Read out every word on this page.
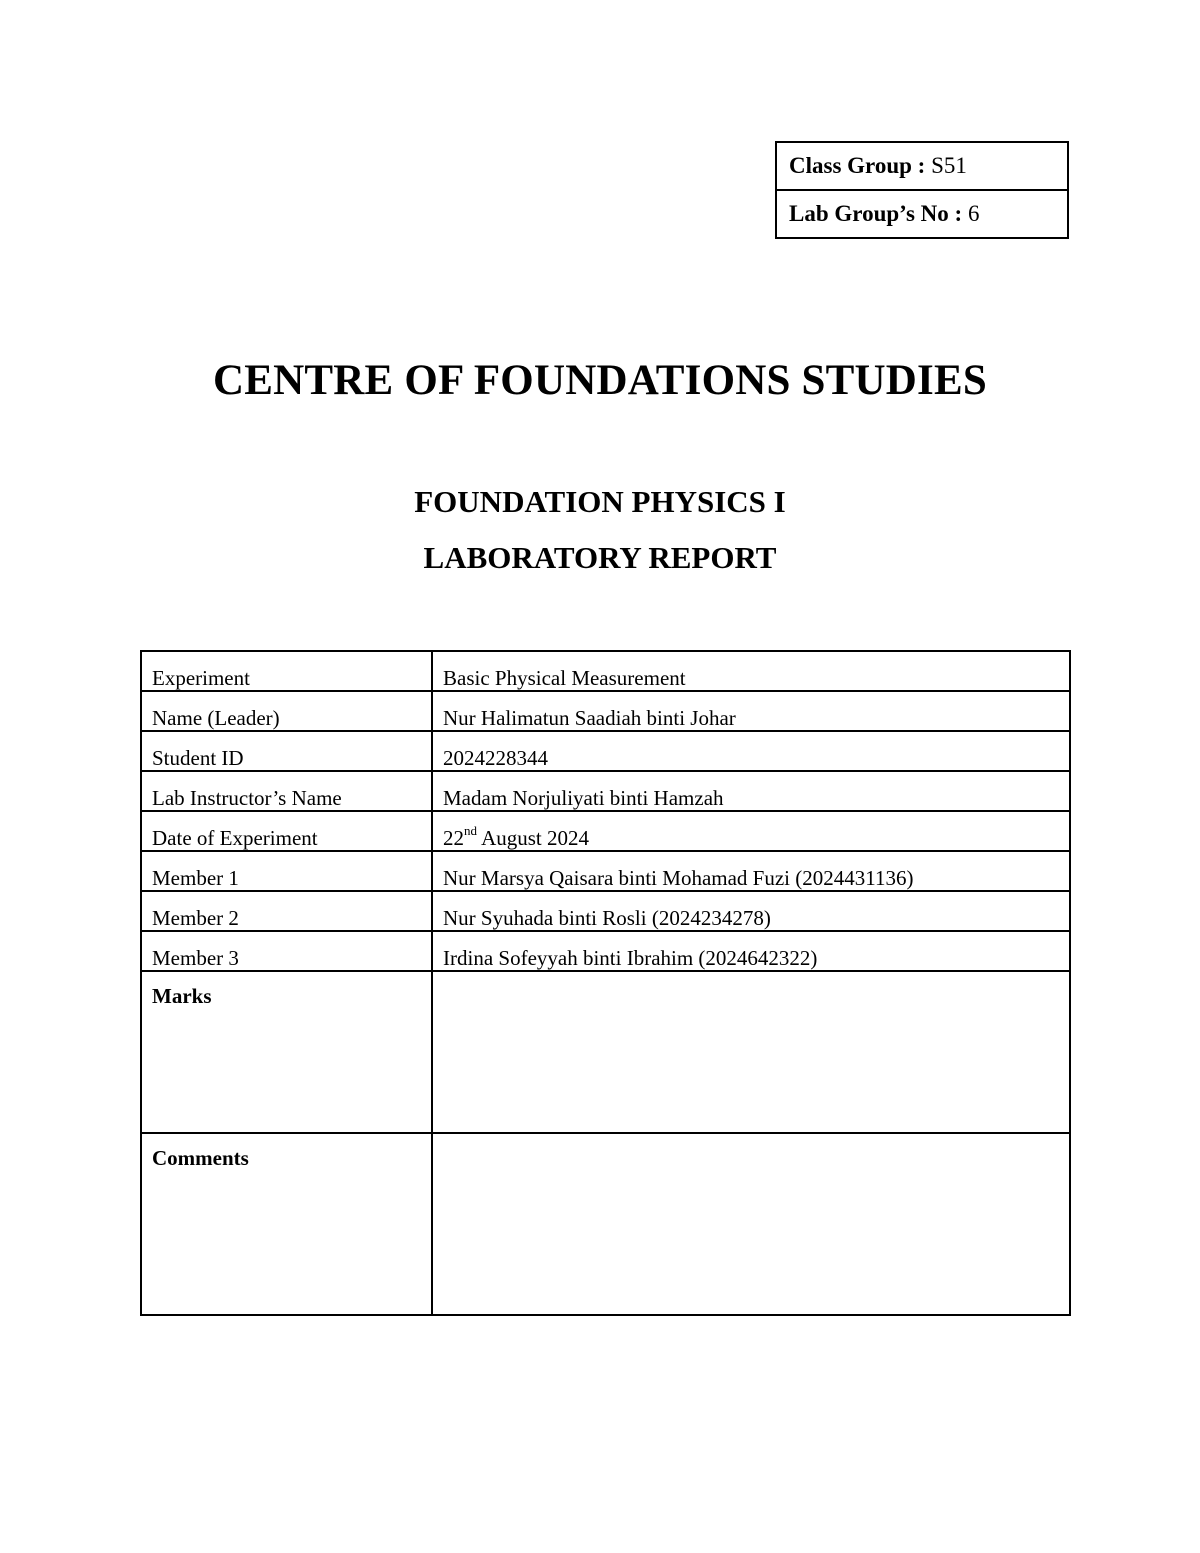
Class Group : S51
Lab Group’s No : 6
CENTRE OF FOUNDATIONS STUDIES
FOUNDATION PHYSICS I
LABORATORY REPORT
Experiment	Basic Physical Measurement
Name (Leader)	Nur Halimatun Saadiah binti Johar
Student ID	2024228344
Lab Instructor’s Name	Madam Norjuliyati binti Hamzah
Date of Experiment	22nd August 2024
Member 1	Nur Marsya Qaisara binti Mohamad Fuzi (2024431136)
Member 2	Nur Syuhada binti Rosli (2024234278)
Member 3	Irdina Sofeyyah binti Ibrahim (2024642322)
Marks	
Comments	
